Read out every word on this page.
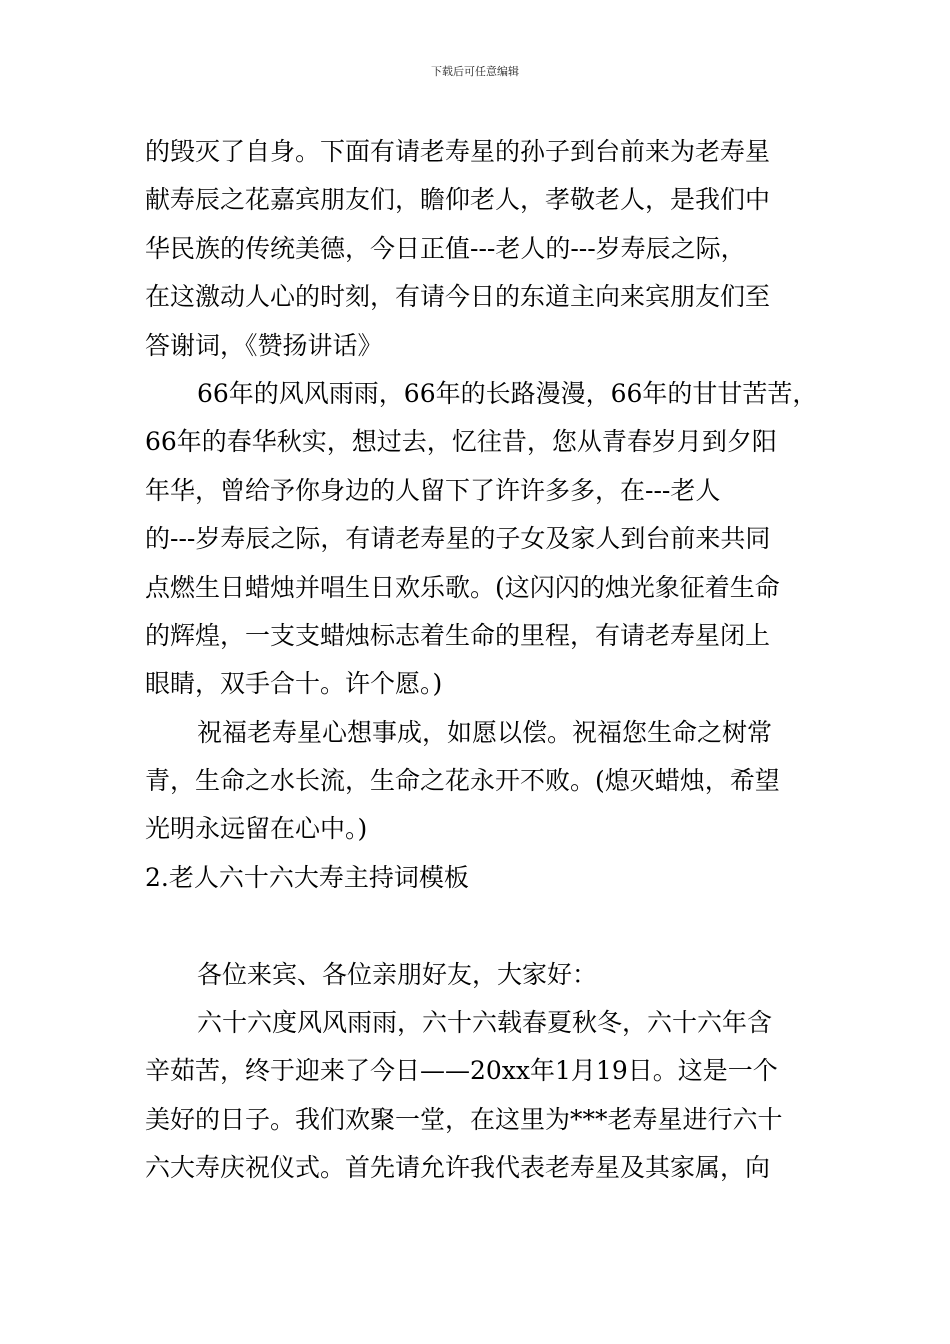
下载后可任意编辑
的毁灭了自身。下面有请老寿星的孙子到台前来为老寿星
献寿辰之花嘉宾朋友们，瞻仰老人，孝敬老人，是我们中
华民族的传统美德，今日正值---老人的---岁寿辰之际，
在这激动人心的时刻，有请今日的东道主向来宾朋友们至
答谢词，《赞扬讲话》
66年的风风雨雨，66年的长路漫漫，66年的甘甘苦苦，
66年的春华秋实，想过去，忆往昔，您从青春岁月到夕阳
年华，曾给予你身边的人留下了许许多多，在---老人
的---岁寿辰之际，有请老寿星的子女及家人到台前来共同
点燃生日蜡烛并唱生日欢乐歌。(这闪闪的烛光象征着生命
的辉煌，一支支蜡烛标志着生命的里程，有请老寿星闭上
眼睛，双手合十。许个愿。)
祝福老寿星心想事成，如愿以偿。祝福您生命之树常
青，生命之水长流，生命之花永开不败。(熄灭蜡烛，希望
光明永远留在心中。)
2.老人六十六大寿主持词模板
各位来宾、各位亲朋好友，大家好：
六十六度风风雨雨，六十六载春夏秋冬，六十六年含
辛茹苦，终于迎来了今日——20xx年1月19日。这是一个
美好的日子。我们欢聚一堂，在这里为***老寿星进行六十
六大寿庆祝仪式。首先请允许我代表老寿星及其家属，向
